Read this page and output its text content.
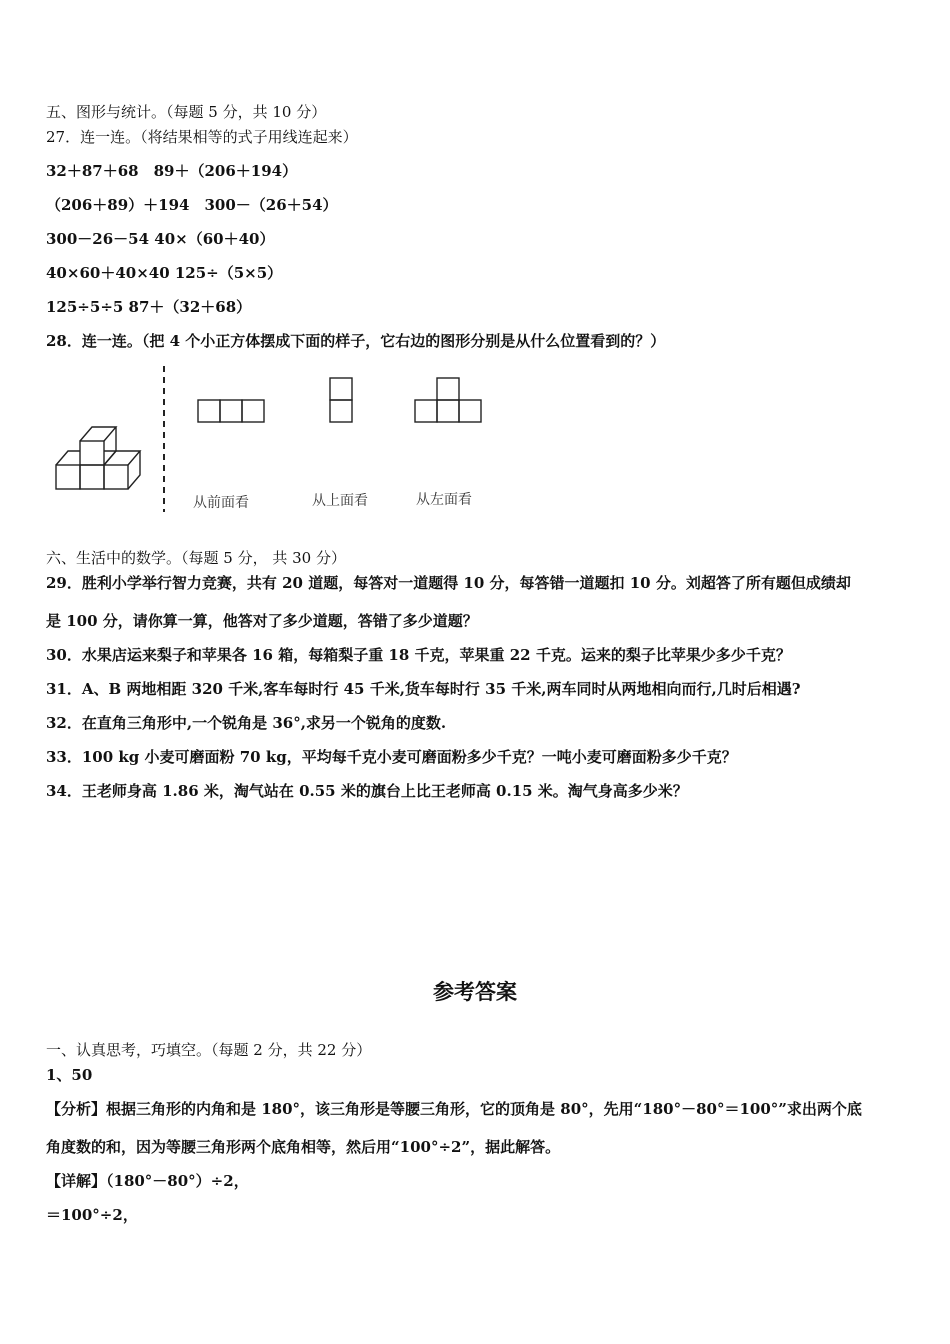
五、图形与统计。（每题 5 分，共 10 分）
27．连一连。（将结果相等的式子用线连起来）
32＋87＋68　89＋（206＋194）
（206＋89）＋194　300－（26＋54）
300－26－54 40×（60＋40）
40×60＋40×40 125÷（5×5）
125÷5÷5 87＋（32＋68）
28．连一连。（把 4 个小正方体摆成下面的样子，它右边的图形分别是从什么位置看到的？）
从前面看	从上面看	从左面看
六、生活中的数学。（每题 5 分， 共 30 分）
29．胜利小学举行智力竞赛，共有 20 道题，每答对一道题得 10 分，每答错一道题扣 10 分。刘超答了所有题但成绩却
是 100 分，请你算一算，他答对了多少道题，答错了多少道题？
30．水果店运来梨子和苹果各 16 箱，每箱梨子重 18 千克，苹果重 22 千克。运来的梨子比苹果少多少千克？
31．A、B 两地相距 320 千米,客车每时行 45 千米,货车每时行 35 千米,两车同时从两地相向而行,几时后相遇?
32．在直角三角形中,一个锐角是 36°,求另一个锐角的度数.
33．100 kg 小麦可磨面粉 70 kg，平均每千克小麦可磨面粉多少千克？一吨小麦可磨面粉多少千克？
34．王老师身高 1.86 米，淘气站在 0.55 米的旗台上比王老师高 0.15 米。淘气身高多少米？
参考答案
一、认真思考，巧填空。（每题 2 分，共 22 分）
1、50
【分析】根据三角形的内角和是 180°，该三角形是等腰三角形，它的顶角是 80°，先用“180°－80°＝100°”求出两个底
角度数的和，因为等腰三角形两个底角相等，然后用“100°÷2”，据此解答。
【详解】（180°－80°）÷2，
＝100°÷2，
